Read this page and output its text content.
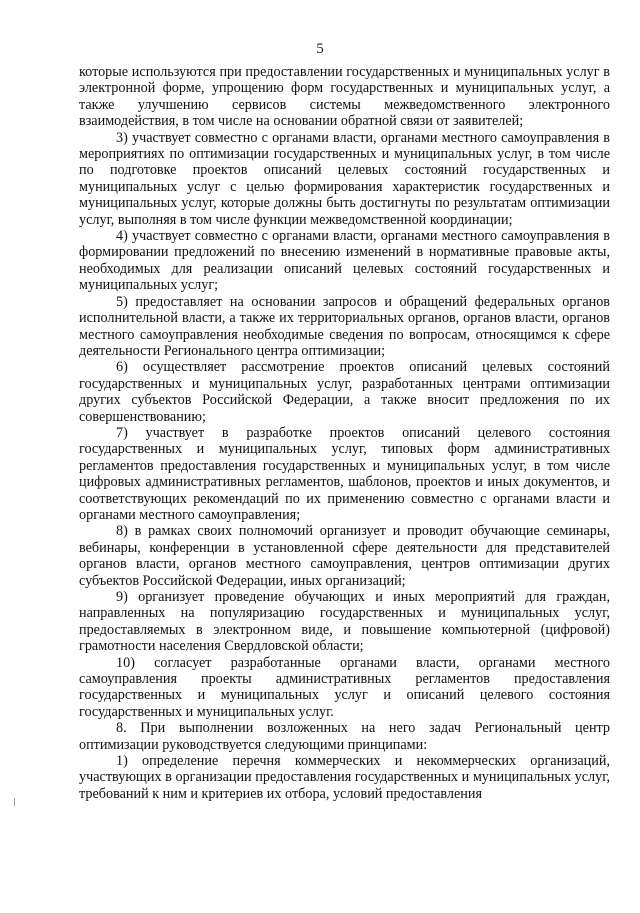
5

которые используются при предоставлении государственных и муниципальных услуг в электронной форме, упрощению форм государственных и муниципальных услуг, а также улучшению сервисов системы межведомственного электронного взаимодействия, в том числе на основании обратной связи от заявителей;

3) участвует совместно с органами власти, органами местного самоуправления в мероприятиях по оптимизации государственных и муниципальных услуг, в том числе по подготовке проектов описаний целевых состояний государственных и муниципальных услуг с целью формирования характеристик государственных и муниципальных услуг, которые должны быть достигнуты по результатам оптимизации услуг, выполняя в том числе функции межведомственной координации;

4) участвует совместно с органами власти, органами местного самоуправления в формировании предложений по внесению изменений в нормативные правовые акты, необходимых для реализации описаний целевых состояний государственных и муниципальных услуг;

5) предоставляет на основании запросов и обращений федеральных органов исполнительной власти, а также их территориальных органов, органов власти, органов местного самоуправления необходимые сведения по вопросам, относящимся к сфере деятельности Регионального центра оптимизации;

6) осуществляет рассмотрение проектов описаний целевых состояний государственных и муниципальных услуг, разработанных центрами оптимизации других субъектов Российской Федерации, а также вносит предложения по их совершенствованию;

7) участвует в разработке проектов описаний целевого состояния государственных и муниципальных услуг, типовых форм административных регламентов предоставления государственных и муниципальных услуг, в том числе цифровых административных регламентов, шаблонов, проектов и иных документов, и соответствующих рекомендаций по их применению совместно с органами власти и органами местного самоуправления;

8) в рамках своих полномочий организует и проводит обучающие семинары, вебинары, конференции в установленной сфере деятельности для представителей органов власти, органов местного самоуправления, центров оптимизации других субъектов Российской Федерации, иных организаций;

9) организует проведение обучающих и иных мероприятий для граждан, направленных на популяризацию государственных и муниципальных услуг, предоставляемых в электронном виде, и повышение компьютерной (цифровой) грамотности населения Свердловской области;

10) согласует разработанные органами власти, органами местного самоуправления проекты административных регламентов предоставления государственных и муниципальных услуг и описаний целевого состояния государственных и муниципальных услуг.

8. При выполнении возложенных на него задач Региональный центр оптимизации руководствуется следующими принципами:

1) определение перечня коммерческих и некоммерческих организаций, участвующих в организации предоставления государственных и муниципальных услуг, требований к ним и критериев их отбора, условий предоставления
